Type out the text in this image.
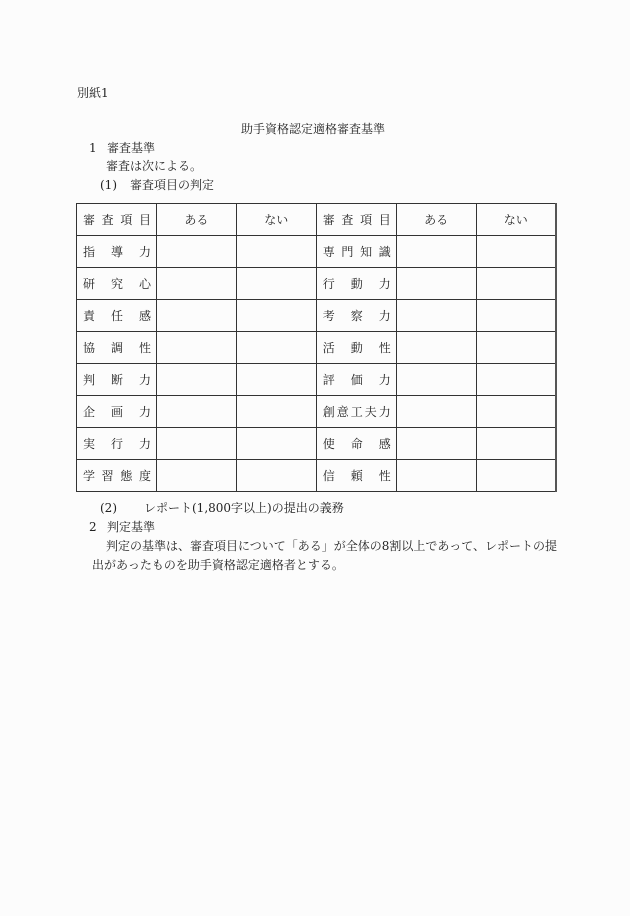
別紙1
助手資格認定適格審査基準
1 審査基準
審査は次による。
(1) 審査項目の判定
審 査 項 目	ある	ない	審 査 項 目	ある	ない

指 導 力			専 門 知 識		

研 究 心			行 動 力		

責 任 感			考 察 力		

協 調 性			活 動 性		

判 断 力			評 価 力		

企 画 力			創 意 工 夫 力		

実 行 力			使 命 感		

学 習 態 度			信 頼 性		

(2) レポート(1,800字以上)の提出の義務
2 判定基準
判定の基準は、審査項目について「ある」が全体の8割以上であって、レポートの提
出があったものを助手資格認定適格者とする。
